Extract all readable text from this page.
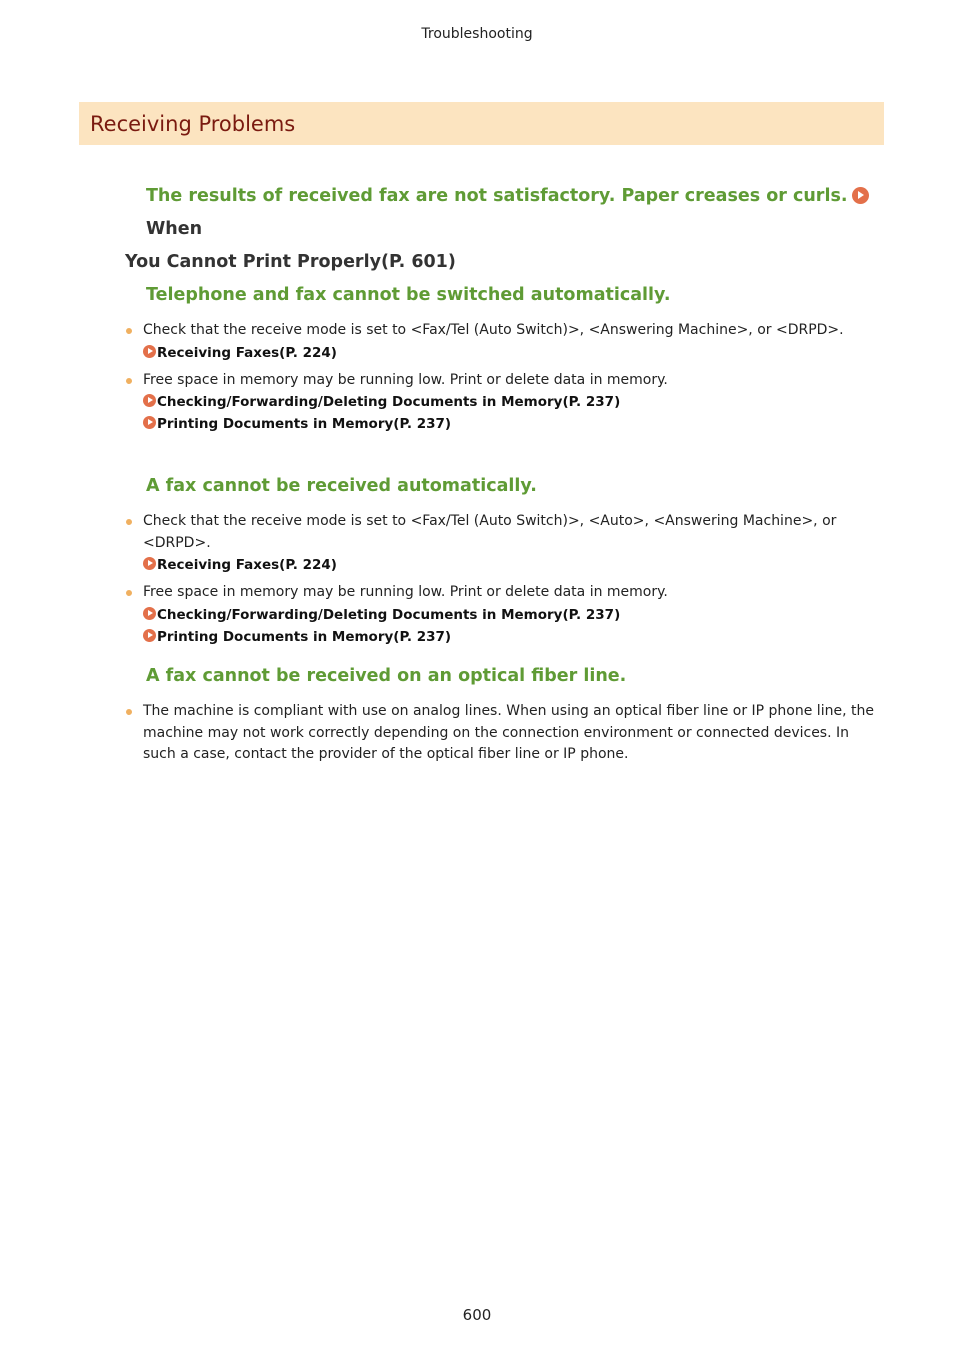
Troubleshooting
Receiving Problems
The results of received fax are not satisfactory. Paper creases or curls.When
You Cannot Print Properly(P. 601)
Telephone and fax cannot be switched automatically.
Check that the receive mode is set to <Fax/Tel (Auto Switch)>, <Answering Machine>, or <DRPD>.
Receiving Faxes(P. 224)
Free space in memory may be running low. Print or delete data in memory.
Checking/Forwarding/Deleting Documents in Memory(P. 237)
Printing Documents in Memory(P. 237)
A fax cannot be received automatically.
Check that the receive mode is set to <Fax/Tel (Auto Switch)>, <Auto>, <Answering Machine>, or <DRPD>.
Receiving Faxes(P. 224)
Free space in memory may be running low. Print or delete data in memory.
Checking/Forwarding/Deleting Documents in Memory(P. 237)
Printing Documents in Memory(P. 237)
A fax cannot be received on an optical fiber line.
The machine is compliant with use on analog lines. When using an optical fiber line or IP phone line, the machine may not work correctly depending on the connection environment or connected devices. In such a case, contact the provider of the optical fiber line or IP phone.
600
